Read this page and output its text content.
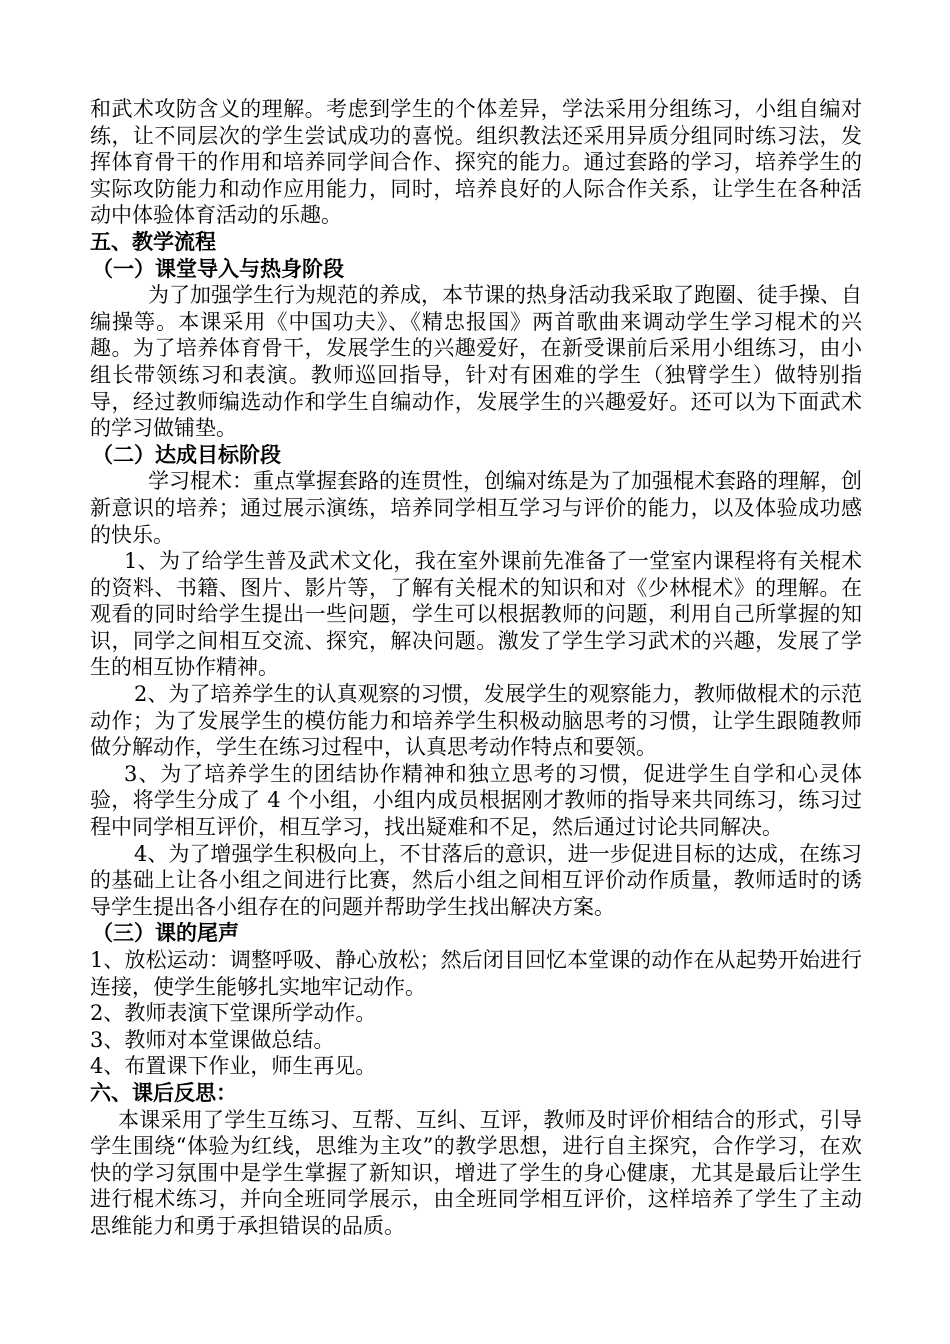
和武术攻防含义的理解。考虑到学生的个体差异，学法采用分组练习，小组自编对练，让不同层次的学生尝试成功的喜悦。组织教法还采用异质分组同时练习法，发挥体育骨干的作用和培养同学间合作、探究的能力。通过套路的学习，培养学生的实际攻防能力和动作应用能力，同时，培养良好的人际合作关系，让学生在各种活动中体验体育活动的乐趣。

五、教学流程

（一）课堂导入与热身阶段

为了加强学生行为规范的养成，本节课的热身活动我采取了跑圈、徒手操、自编操等。本课采用《中国功夫》、《精忠报国》两首歌曲来调动学生学习棍术的兴趣。为了培养体育骨干，发展学生的兴趣爱好，在新受课前后采用小组练习，由小组长带领练习和表演。教师巡回指导，针对有困难的学生（独臂学生）做特别指导，经过教师编选动作和学生自编动作，发展学生的兴趣爱好。还可以为下面武术的学习做铺垫。

（二）达成目标阶段

学习棍术：重点掌握套路的连贯性，创编对练是为了加强棍术套路的理解，创新意识的培养；通过展示演练，培养同学相互学习与评价的能力，以及体验成功感的快乐。

1、为了给学生普及武术文化，我在室外课前先准备了一堂室内课程将有关棍术的资料、书籍、图片、影片等，了解有关棍术的知识和对《少林棍术》的理解。在观看的同时给学生提出一些问题，学生可以根据教师的问题，利用自己所掌握的知识，同学之间相互交流、探究，解决问题。激发了学生学习武术的兴趣，发展了学生的相互协作精神。

2、为了培养学生的认真观察的习惯，发展学生的观察能力，教师做棍术的示范动作；为了发展学生的模仿能力和培养学生积极动脑思考的习惯，让学生跟随教师做分解动作，学生在练习过程中，认真思考动作特点和要领。

3、为了培养学生的团结协作精神和独立思考的习惯，促进学生自学和心灵体验，将学生分成了 4 个小组，小组内成员根据刚才教师的指导来共同练习，练习过程中同学相互评价，相互学习，找出疑难和不足，然后通过讨论共同解决。

4、为了增强学生积极向上，不甘落后的意识，进一步促进目标的达成，在练习的基础上让各小组之间进行比赛，然后小组之间相互评价动作质量，教师适时的诱导学生提出各小组存在的问题并帮助学生找出解决方案。

（三）课的尾声

1、放松运动：调整呼吸、静心放松；然后闭目回忆本堂课的动作在从起势开始进行连接，使学生能够扎实地牢记动作。

2、教师表演下堂课所学动作。

3、教师对本堂课做总结。

4、布置课下作业，师生再见。

六、课后反思：

本课采用了学生互练习、互帮、互纠、互评，教师及时评价相结合的形式，引导学生围绕“体验为红线，思维为主攻”的教学思想，进行自主探究，合作学习，在欢快的学习氛围中是学生掌握了新知识，增进了学生的身心健康，尤其是最后让学生进行棍术练习，并向全班同学展示，由全班同学相互评价，这样培养了学生了主动思维能力和勇于承担错误的品质。
